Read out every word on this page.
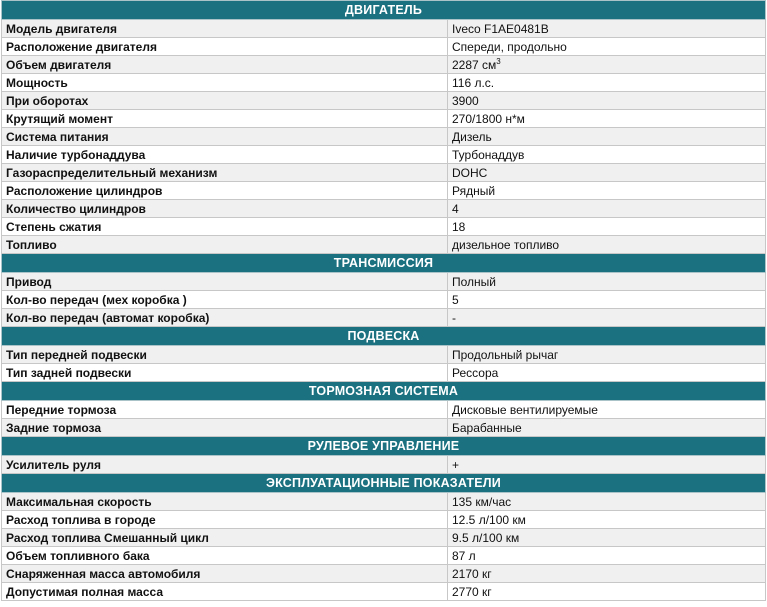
ДВИГАТЕЛЬ	
Модель двигателя	Iveco F1AE0481B
Расположение двигателя	Спереди, продольно
Объем двигателя	2287 $см^3$
Мощность	116 л.с.
При оборотах	3900
Крутящий момент	270/1800 н*м
Система питания	Дизель
Наличие турбонаддува	Турбонаддув
Газораспределительный механизм	DOHC
Расположение цилиндров	Рядный
Количество цилиндров	4
Степень сжатия	18
Топливо	дизельное топливо
ТРАНСМИССИЯ	
Привод	Полный
Кол-во передач (мех коробка )	5
Кол-во передач (автомат коробка)	-
ПОДВЕСКА	
Тип передней подвески	Продольный рычаг
Тип задней подвески	Рессора
ТОРМОЗНАЯ СИСТЕМА	
Передние тормоза	Дисковые вентилируемые
Задние тормоза	Барабанные
РУЛЕВОЕ УПРАВЛЕНИЕ	
Усилитель руля	+
ЭКСПЛУАТАЦИОННЫЕ ПОКАЗАТЕЛИ	
Максимальная скорость	135 км/час
Расход топлива в городе	12.5 л/100 км
Расход топлива Смешанный цикл	9.5 л/100 км
Объем топливного бака	87 л
Снаряженная масса автомобиля	2170 кг
Допустимая полная масса	2770 кг
